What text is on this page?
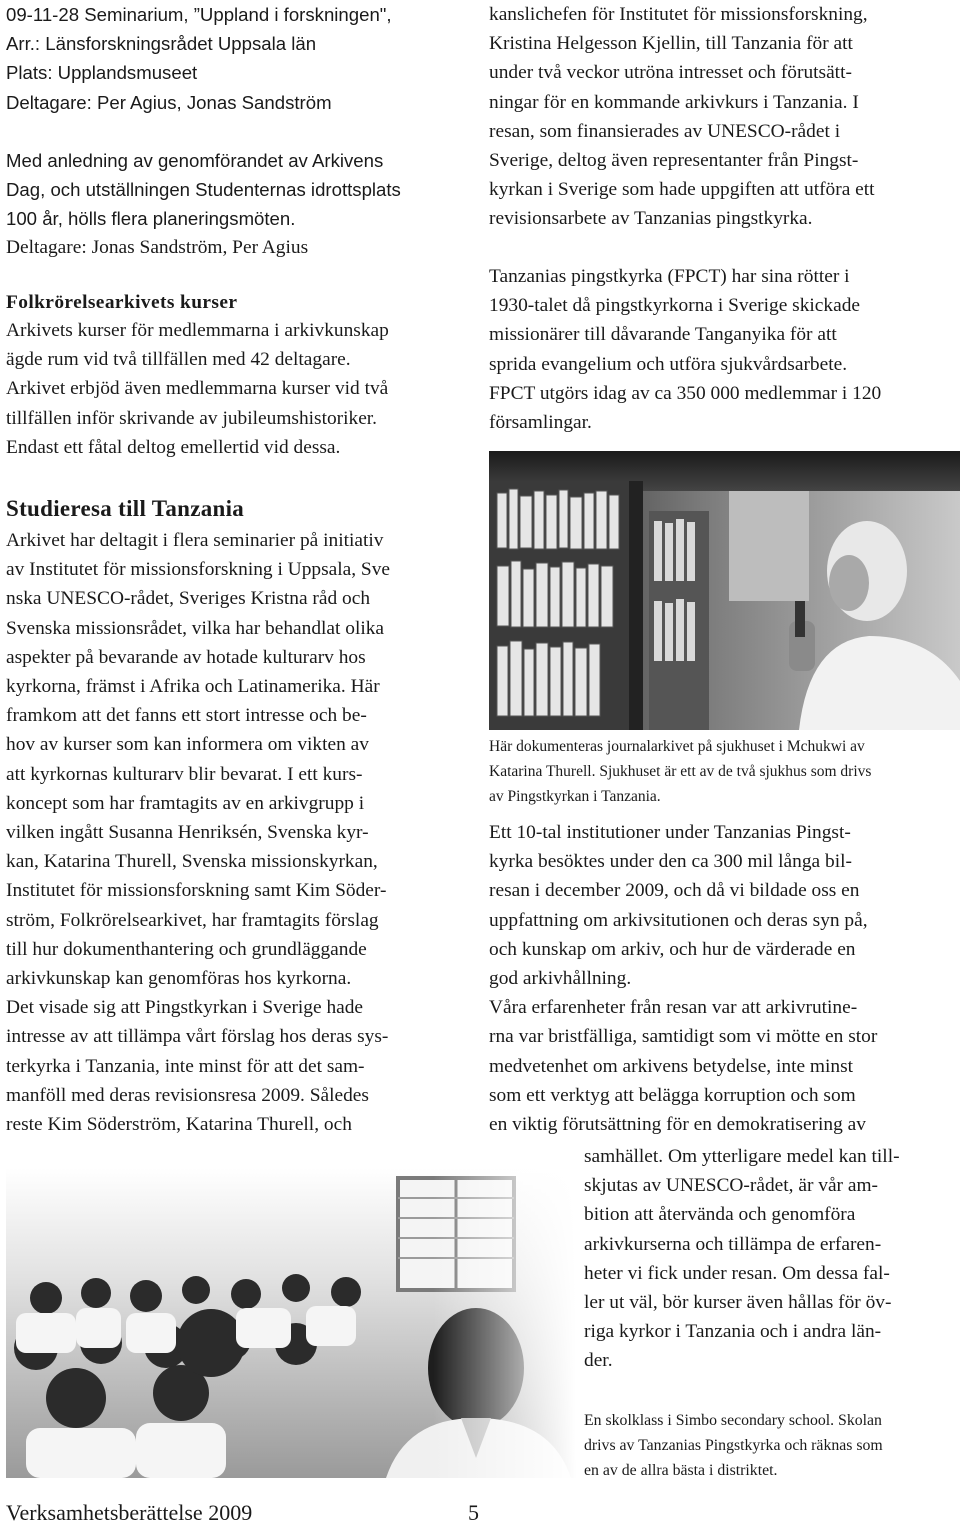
09-11-28 Seminarium, ”Uppland i forskningen",
Arr.: Länsforskningsrådet Uppsala län
Plats: Upplandsmuseet
Deltagare: Per Agius, Jonas Sandström
Med anledning av genomförandet av Arkivens
Dag, och utställningen Studenternas idrottsplats
100 år, hölls flera planeringsmöten.
Deltagare: Jonas Sandström, Per Agius
Folkrörelsearkivets kurser
Arkivets kurser för medlemmarna i arkivkunskap
ägde rum vid två tillfällen med 42 deltagare.
Arkivet erbjöd även medlemmarna kurser vid två
tillfällen inför skrivande av jubileumshistoriker.
Endast ett fåtal deltog emellertid vid dessa.
Studieresa till Tanzania
Arkivet har deltagit i flera seminarier på initiativ
av Institutet för missionsforskning i Uppsala, Sve
nska UNESCO-rådet, Sveriges Kristna råd och
Svenska missionsrådet, vilka har behandlat olika
aspekter på bevarande av hotade kulturarv hos
kyrkorna, främst i Afrika och Latinamerika. Här
framkom att det fanns ett stort intresse och be-
hov av kurser som kan informera om vikten av
att kyrkornas kulturarv blir bevarat. I ett kurs-
koncept som har framtagits av en arkivgrupp i
vilken ingått Susanna Henriksén, Svenska kyr-
kan, Katarina Thurell, Svenska missionskyrkan,
Institutet för missionsforskning samt Kim Söder-
ström, Folkrörelsearkivet, har framtagits förslag
till hur dokumenthantering och grundläggande
arkivkunskap kan genomföras hos kyrkorna.
Det visade sig att Pingstkyrkan i Sverige hade
intresse av att tillämpa vårt förslag hos deras sys-
terkyrka i Tanzania, inte minst för att det sam-
manföll med deras revisionsresa 2009. Således
reste Kim Söderström, Katarina Thurell, och
kanslichefen för Institutet för missionsforskning,
Kristina Helgesson Kjellin, till Tanzania för att
under två veckor utröna intresset och förutsätt-
ningar för en kommande arkivkurs i Tanzania. I
resan, som finansierades av UNESCO-rådet i
Sverige, deltog även representanter från Pingst-
kyrkan i Sverige som hade uppgiften att utföra ett
revisionsarbete av Tanzanias pingstkyrka.
Tanzanias pingstkyrka (FPCT) har sina rötter i
1930-talet då pingstkyrkorna i Sverige skickade
missionärer till dåvarande Tanganyika för att
sprida evangelium och utföra sjukvårdsarbete.
FPCT utgörs idag av ca 350 000 medlemmar i 120
församlingar.
Här dokumenteras journalarkivet på sjukhuset i Mchukwi av
Katarina Thurell. Sjukhuset är ett av de två sjukhus som drivs
av Pingstkyrkan i Tanzania.
Ett 10-tal institutioner under Tanzanias Pingst-
kyrka besöktes under den ca 300 mil långa bil-
resan i december 2009, och då vi bildade oss en
uppfattning om arkivsitutionen och deras syn på,
och kunskap om arkiv, och hur de värderade en
god arkivhållning.
Våra erfarenheter från resan var att arkivrutine-
rna var bristfälliga, samtidigt som vi mötte en stor
medvetenhet om arkivens betydelse, inte minst
som ett verktyg att belägga korruption och som
en viktig förutsättning för en demokratisering av
samhället. Om ytterligare medel kan till-
skjutas av UNESCO-rådet, är vår am-
bition att återvända och genomföra
arkivkurserna och tillämpa de erfaren-
heter vi fick under resan. Om dessa fal-
ler ut väl, bör kurser även hållas för öv-
riga kyrkor i Tanzania och i andra län-
der.
En skolklass i Simbo secondary school. Skolan
drivs av Tanzanias Pingstkyrka och räknas som
en av de allra bästa i distriktet.
Verksamhetsberättelse 2009	5
